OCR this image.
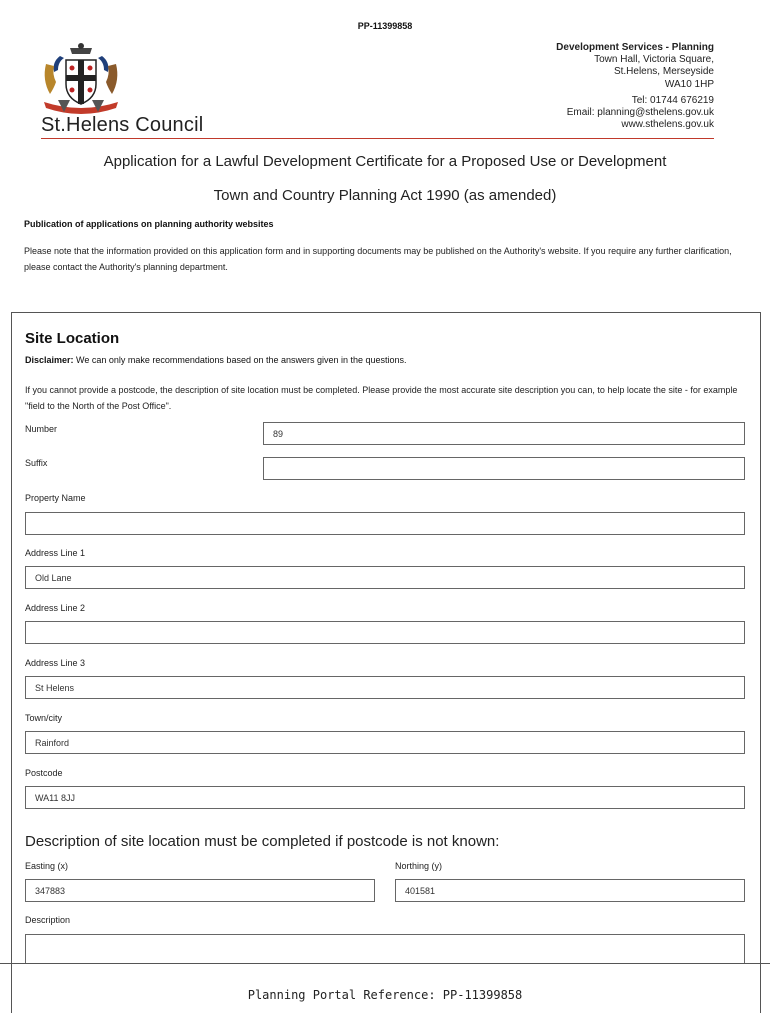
PP-11399858
St.Helens Council
Development Services - Planning
Town Hall, Victoria Square,
St.Helens, Merseyside
WA10 1HP
Tel: 01744 676219
Email: planning@sthelens.gov.uk
www.sthelens.gov.uk
Application for a Lawful Development Certificate for a Proposed Use or Development
Town and Country Planning Act 1990 (as amended)
Publication of applications on planning authority websites
Please note that the information provided on this application form and in supporting documents may be published on the Authority's website. If you require any further clarification, please contact the Authority's planning department.
Site Location
Disclaimer: We can only make recommendations based on the answers given in the questions.
If you cannot provide a postcode, the description of site location must be completed. Please provide the most accurate site description you can, to help locate the site - for example "field to the North of the Post Office".
Number	89
Suffix
Property Name
Address Line 1
Old Lane
Address Line 2
Address Line 3
St Helens
Town/city
Rainford
Postcode
WA11 8JJ
Description of site location must be completed if postcode is not known:
Easting (x)
347883
Northing (y)
401581
Description
Planning Portal Reference: PP-11399858
